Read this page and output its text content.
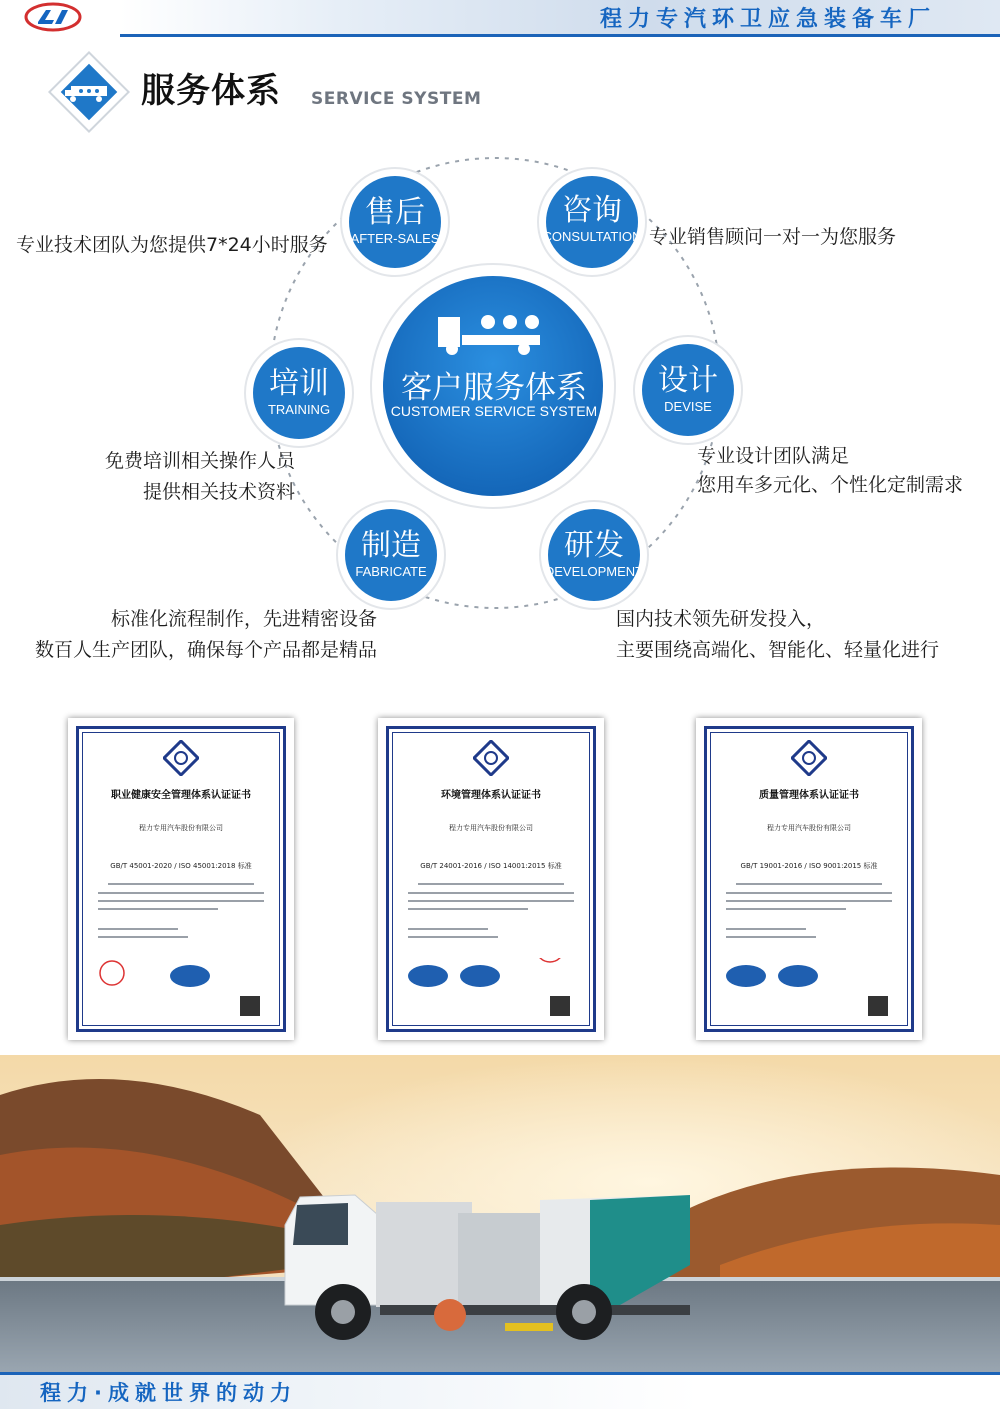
程力专汽环卫应急装备车厂
服务体系 SERVICE SYSTEM
客户服务体系
CUSTOMER SERVICE SYSTEM
售后
AFTER-SALES
咨询
CONSULTATION
培训
TRAINING
设计
DEVISE
制造
FABRICATE
研发
DEVELOPMENT
专业技术团队为您提供7*24小时服务	专业销售顾问一对一为您服务
免费培训相关操作人员
提供相关技术资料
专业设计团队满足
您用车多元化、个性化定制需求
标准化流程制作，先进精密设备
数百人生产团队，确保每个产品都是精品
国内技术领先研发投入，
主要围绕高端化、智能化、轻量化进行
职业健康安全管理体系认证证书
程力专用汽车股份有限公司
GB/T 45001-2020 / ISO 45001:2018 标准
环境管理体系认证证书
程力专用汽车股份有限公司
GB/T 24001-2016 / ISO 14001:2015 标准
质量管理体系认证证书
程力专用汽车股份有限公司
GB/T 19001-2016 / ISO 9001:2015 标准
程力·成就世界的动力
